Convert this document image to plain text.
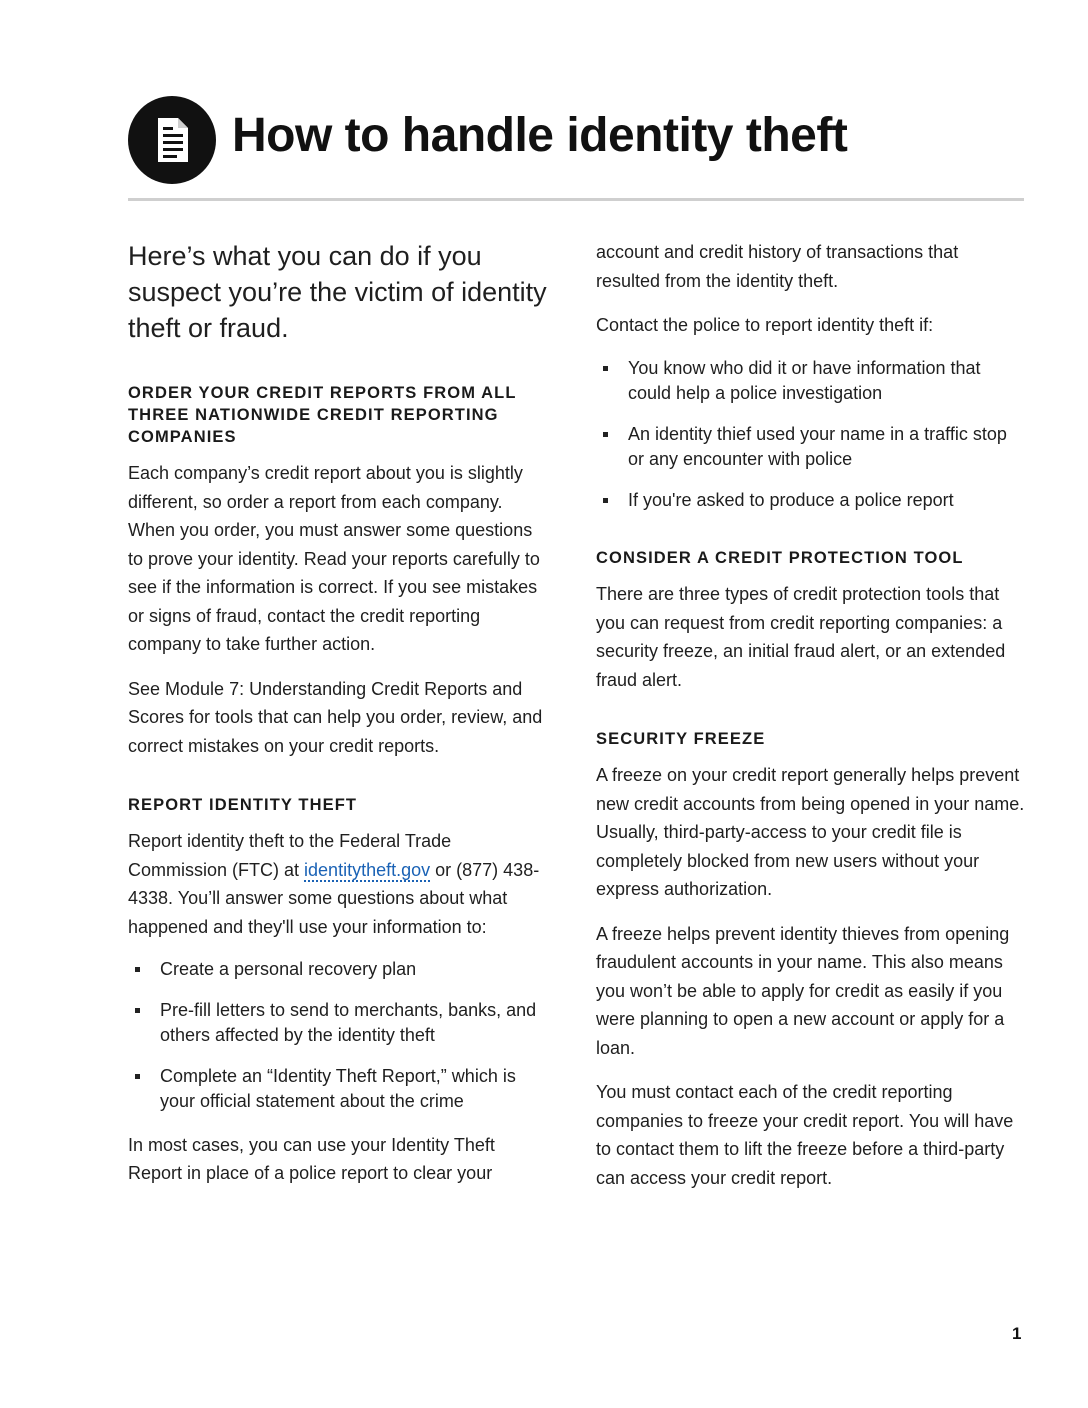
How to handle identity theft

Here’s what you can do if you suspect you’re the victim of identity theft or fraud.

ORDER YOUR CREDIT REPORTS FROM ALL THREE NATIONWIDE CREDIT REPORTING COMPANIES

Each company’s credit report about you is slightly different, so order a report from each company. When you order, you must answer some questions to prove your identity. Read your reports carefully to see if the information is correct. If you see mistakes or signs of fraud, contact the credit reporting company to take further action.

See Module 7: Understanding Credit Reports and Scores for tools that can help you order, review, and correct mistakes on your credit reports.

REPORT IDENTITY THEFT

Report identity theft to the Federal Trade Commission (FTC) at identitytheft.gov or (877) 438-4338. You’ll answer some questions about what happened and they'll use your information to:

Create a personal recovery plan
Pre-fill letters to send to merchants, banks, and others affected by the identity theft
Complete an “Identity Theft Report,” which is your official statement about the crime

In most cases, you can use your Identity Theft Report in place of a police report to clear your

account and credit history of transactions that resulted from the identity theft.

Contact the police to report identity theft if:

You know who did it or have information that could help a police investigation
An identity thief used your name in a traffic stop or any encounter with police
If you're asked to produce a police report
CONSIDER A CREDIT PROTECTION TOOL

There are three types of credit protection tools that you can request from credit reporting companies: a security freeze, an initial fraud alert, or an extended fraud alert.

SECURITY FREEZE

A freeze on your credit report generally helps prevent new credit accounts from being opened in your name. Usually, third-party-access to your credit file is completely blocked from new users without your express authorization.

A freeze helps prevent identity thieves from opening fraudulent accounts in your name. This also means you won’t be able to apply for credit as easily if you were planning to open a new account or apply for a loan.

You must contact each of the credit reporting companies to freeze your credit report. You will have to contact them to lift the freeze before a third-party can access your credit report.

1
